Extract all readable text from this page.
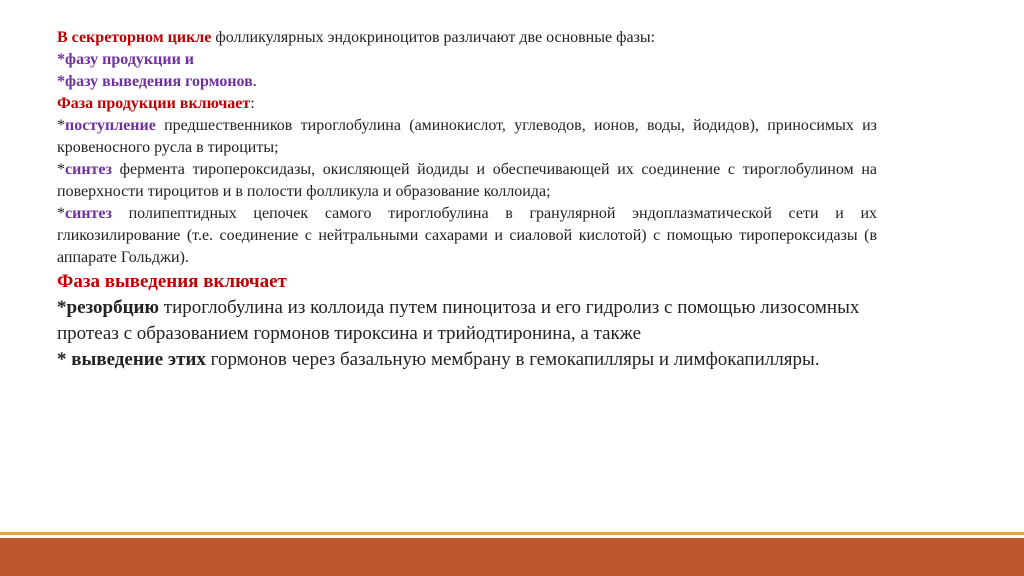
В секреторном цикле фолликулярных эндокриноцитов различают две основные фазы:

*фазу продукции и

*фазу выведения гормонов.

Фаза продукции включает:

*поступление предшественников тироглобулина (аминокислот, углеводов, ионов, воды, йодидов), приносимых из кровеносного русла в тироциты;

*синтез фермента тиропероксидазы, окисляющей йодиды и обеспечивающей их соединение с тироглобулином на поверхности тироцитов и в полости фолликула и образование коллоида;

*синтез полипептидных цепочек самого тироглобулина в гранулярной эндоплазматической сети и их гликозилирование (т.е. соединение с нейтральными сахарами и сиаловой кислотой) с помощью тиропероксидазы (в аппарате Гольджи).

Фаза выведения включает

*резорбцию тироглобулина из коллоида путем пиноцитоза и его гидролиз с помощью лизосомных протеаз с образованием гормонов тироксина и трийодтиронина, а также

* выведение этих гормонов через базальную мембрану в гемокапилляры и лимфокапилляры.
